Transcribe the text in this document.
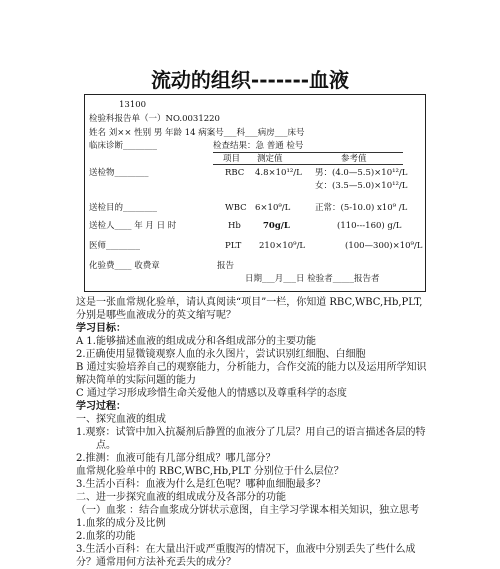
流动的组织-------血液
13100
检验科报告单（一）NO.0031220
姓名 刘×× 性别 男 年龄 14 病案号___科___病房___床号
临床诊断________	检查结果：急 普通 检号
项目 测定值	参考值
送检物________
送检目的________
送检人____ 年 月 日 时
医师________
化验费____ 收费章
RBC 4.8×10¹²/L 男：(4.0—5.5)×10¹²/L
女：(3.5—5.0)×10¹²/L
WBC 6×10⁹/L	正常：(5-10.0) x10⁹ /L
Hb	70g/L	(110---160) g/L
PLT 210×10⁹/L	(100—300)×10⁹/L
报告
日期___月___日 检验者_____报告者
这是一张血常规化验单，请认真阅读“项目”一栏，你知道 RBC,WBC,Hb,PLT,
分别是哪些血液成分的英文缩写呢？
学习目标：
A 1.能够描述血液的组成成分和各组成部分的主要功能
2.正确使用显微镜观察人血的永久图片，尝试识别红细胞、白细胞
B 通过实验培养自己的观察能力，分析能力，合作交流的能力以及运用所学知识
解决简单的实际问题的能力
C 通过学习形成珍惜生命关爱他人的情感以及尊重科学的态度
学习过程：
一、探究血液的组成
1.观察：试管中加入抗凝剂后静置的血液分了几层？用自己的语言描述各层的特
点。
2.推测：血液可能有几部分组成？哪几部分？
血常规化验单中的 RBC,WBC,Hb,PLT 分别位于什么层位？
3.生活小百科：血液为什么是红色呢？哪种血细胞最多？
二、进一步探究血液的组成成分及各部分的功能
（一）血浆 ：结合血浆成分饼状示意图，自主学习学课本相关知识，独立思考
1.血浆的成分及比例
2.血浆的功能
3.生活小百科：在大量出汗或严重腹泻的情况下，血液中分别丢失了些什么成
分？通常用何方法补充丢失的成分？
